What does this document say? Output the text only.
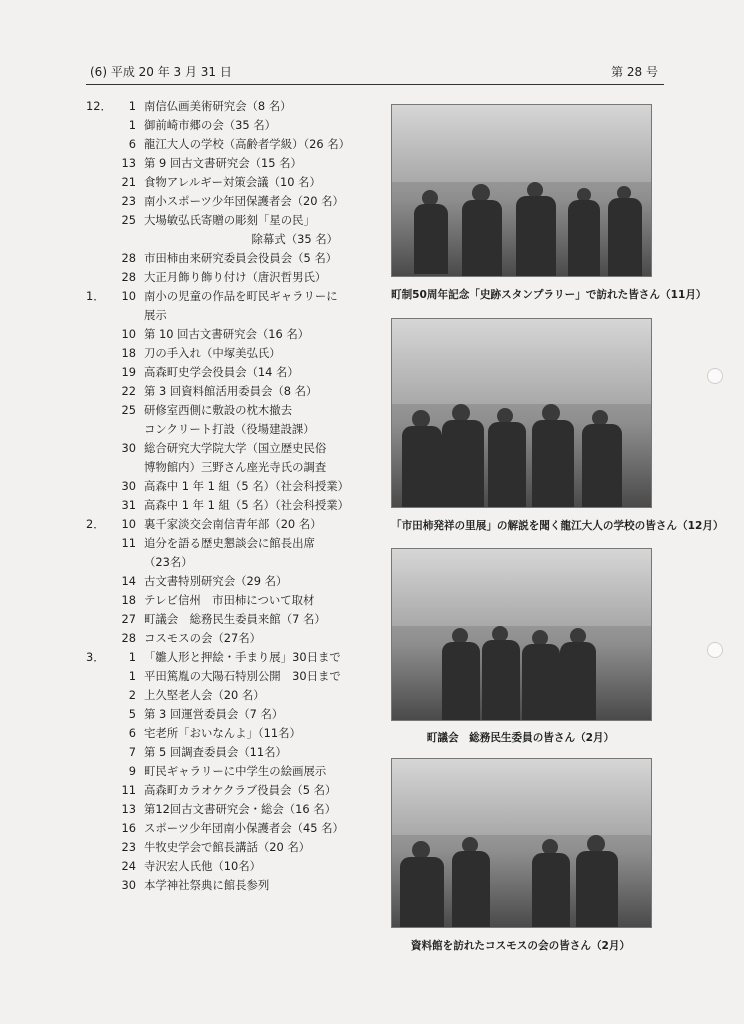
(6) 平成 20 年 3 月 31 日	第 28 号
12．	1 南信仏画美術研究会（8 名）
1 御前崎市郷の会（35 名）
6 龍江大人の学校（高齢者学級）（26 名）
13 第 9 回古文書研究会（15 名）
21 食物アレルギー対策会議（10 名）
23 南小スポーツ少年団保護者会（20 名）
25 大場敏弘氏寄贈の彫刻「星の民」
除幕式（35 名）
28 市田柿由来研究委員会役員会（5 名）
28 大正月飾り飾り付け（唐沢哲男氏）
1．	10 南小の児童の作品を町民ギャラリーに
展示
10 第 10 回古文書研究会（16 名）
18 刀の手入れ（中塚美弘氏）
19 高森町史学会役員会（14 名）
22 第 3 回資料館活用委員会（8 名）
25 研修室西側に敷設の枕木撤去
コンクリート打設（役場建設課）
30 総合研究大学院大学（国立歴史民俗
博物館内）三野さん座光寺氏の調査
30 高森中 1 年 1 組（5 名）（社会科授業）
31 高森中 1 年 1 組（5 名）（社会科授業）
2．	10 裏千家淡交会南信青年部（20 名）
11 追分を語る歴史懇談会に館長出席
（23名）
14 古文書特別研究会（29 名）
18 テレビ信州　市田柿について取材
27 町議会　総務民生委員来館（7 名）
28 コスモスの会（27名）
3．	1 「雛人形と押絵・手まり展」30日まで
1 平田篤胤の大陽石特別公開　30日まで
2 上久堅老人会（20 名）
5 第 3 回運営委員会（7 名）
6 宅老所「おいなんよ」（11名）
7 第 5 回調査委員会（11名）
9 町民ギャラリーに中学生の絵画展示
11 高森町カラオケクラブ役員会（5 名）
13 第12回古文書研究会・総会（16 名）
16 スポーツ少年団南小保護者会（45 名）
23 牛牧史学会で館長講話（20 名）
24 寺沢宏人氏他（10名）
30 本学神社祭典に館長参列
町制50周年記念「史跡スタンプラリー」で訪れた皆さん（11月）
「市田柿発祥の里展」の解説を聞く龍江大人の学校の皆さん（12月）
町議会　総務民生委員の皆さん（2月）
資料館を訪れたコスモスの会の皆さん（2月）
